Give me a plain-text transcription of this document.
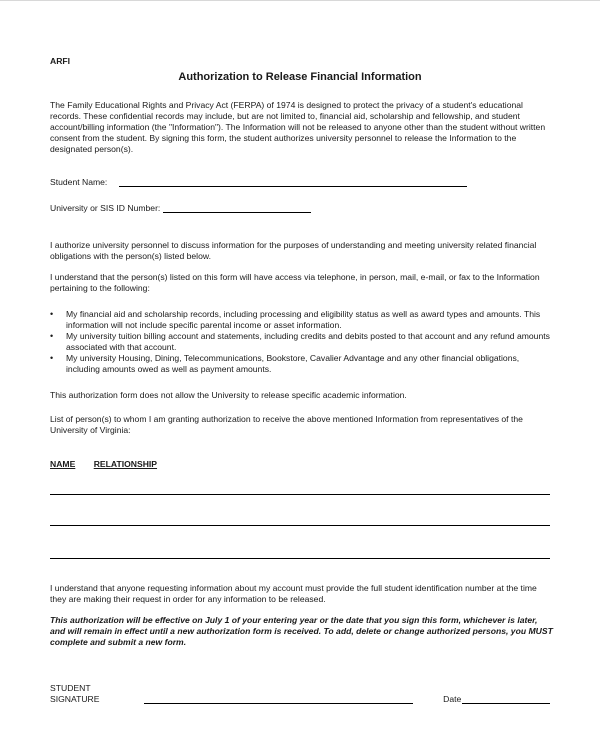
ARFI
Authorization to Release Financial Information
The Family Educational Rights and Privacy Act (FERPA) of 1974 is designed to protect the privacy of a student's educational records. These confidential records may include, but are not limited to, financial aid, scholarship and fellowship, and student account/billing information (the "Information"). The Information will not be released to anyone other than the student without written consent from the student. By signing this form, the student authorizes university personnel to release the Information to the designated person(s).
Student Name:
University or SIS ID Number:
I authorize university personnel to discuss information for the purposes of understanding and meeting university related financial obligations with the person(s) listed below.
I understand that the person(s) listed on this form will have access via telephone, in person, mail, e-mail, or fax to the Information pertaining to the following:
• My financial aid and scholarship records, including processing and eligibility status as well as award types and amounts. This information will not include specific parental income or asset information.
• My university tuition billing account and statements, including credits and debits posted to that account and any refund amounts associated with that account.
• My university Housing, Dining, Telecommunications, Bookstore, Cavalier Advantage and any other financial obligations, including amounts owed as well as payment amounts.
This authorization form does not allow the University to release specific academic information.
List of person(s) to whom I am granting authorization to receive the above mentioned Information from representatives of the University of Virginia:
NAME RELATIONSHIP
I understand that anyone requesting information about my account must provide the full student identification number at the time they are making their request in order for any information to be released.
This authorization will be effective on July 1 of your entering year or the date that you sign this form, whichever is later, and will remain in effect until a new authorization form is received. To add, delete or change authorized persons, you MUST complete and submit a new form.
STUDENT SIGNATURE	Date
